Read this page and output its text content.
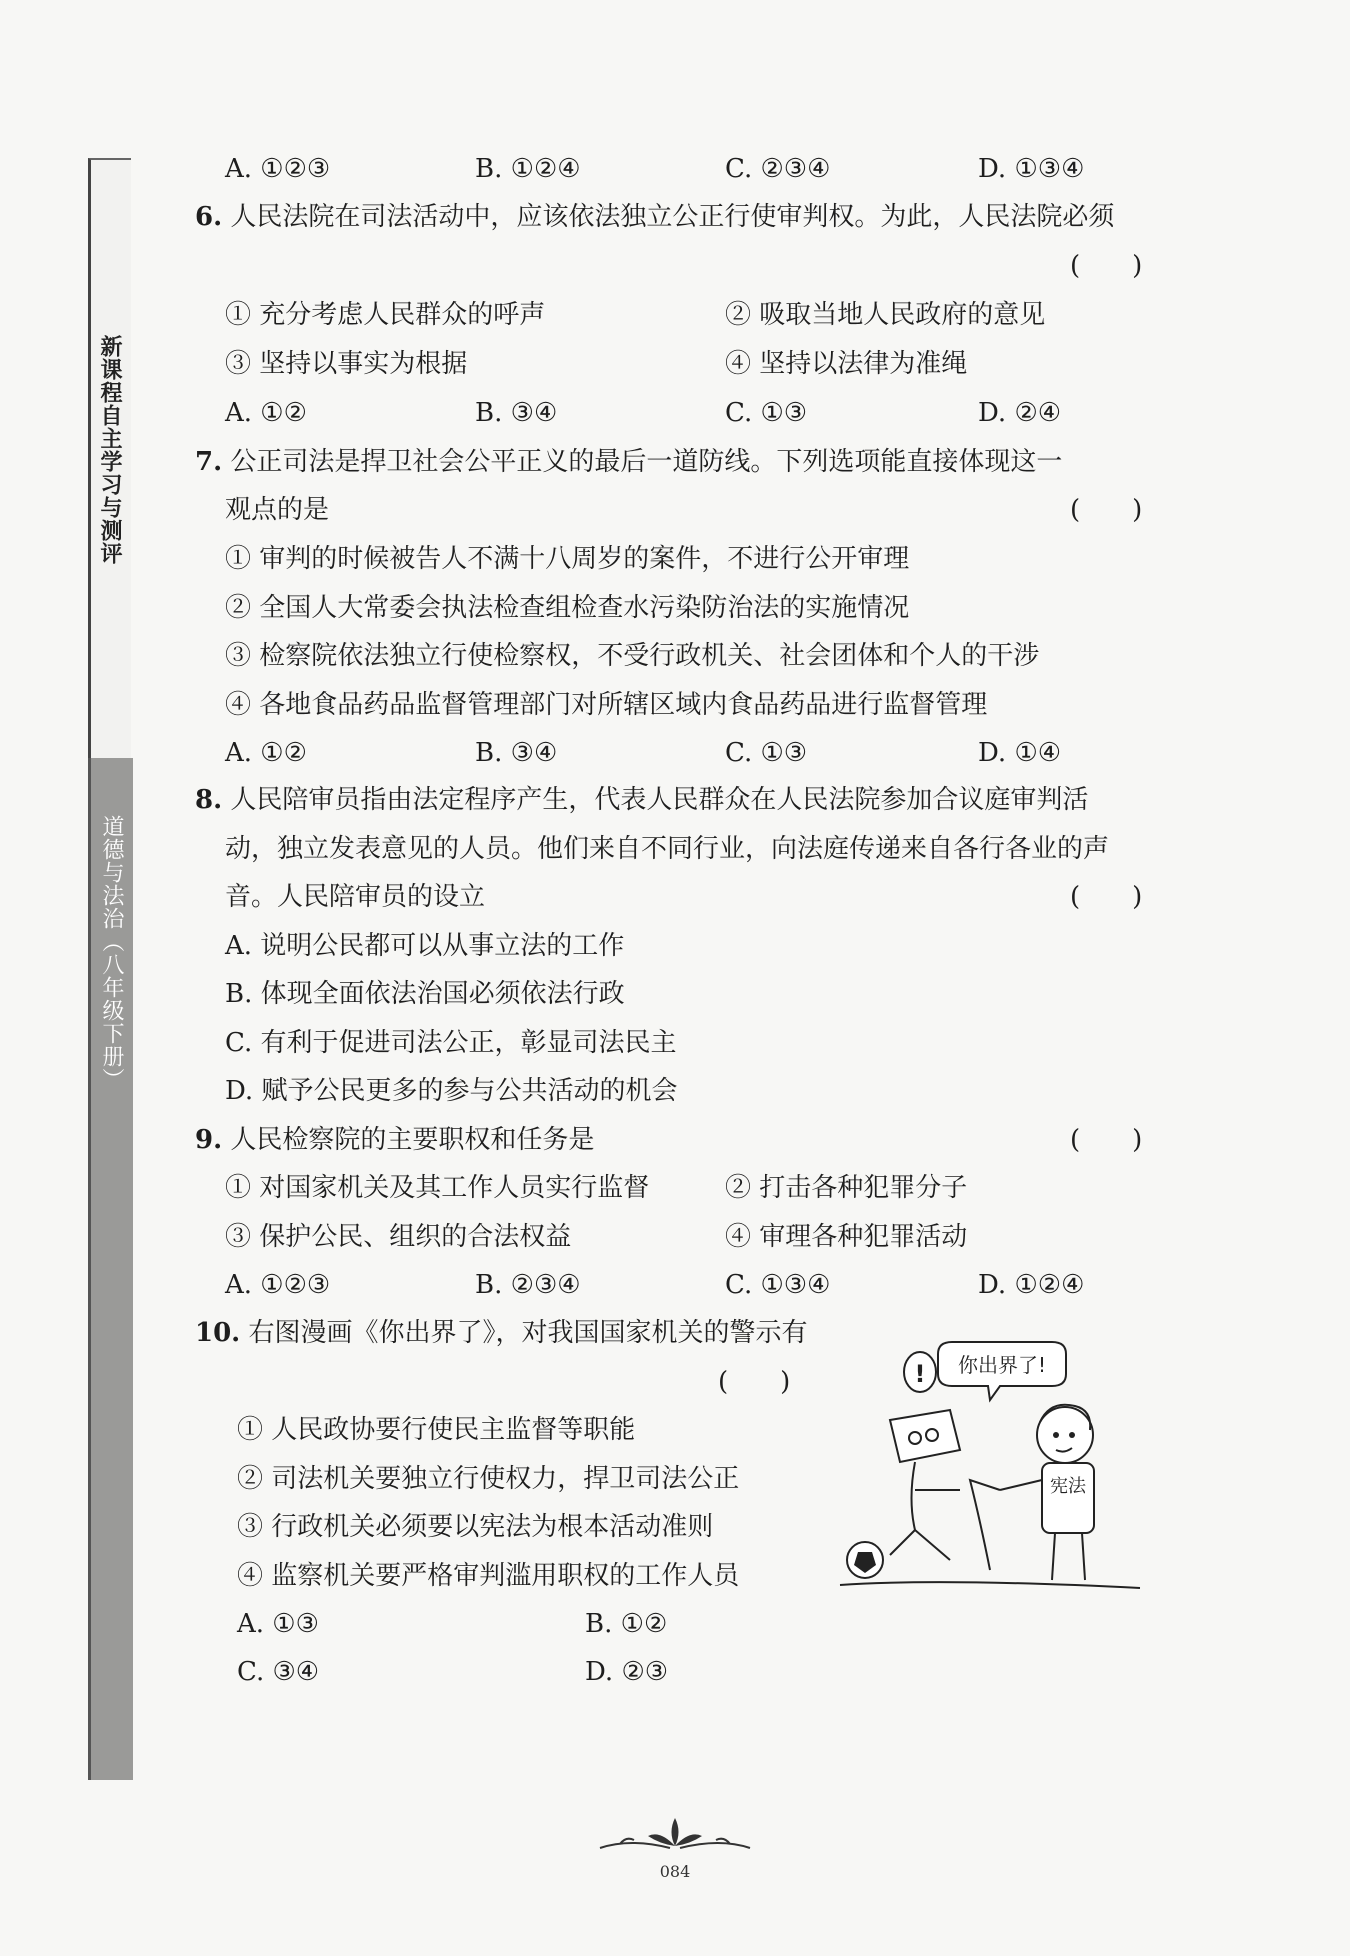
新课程自主学习与测评
道德与法治（八年级下册）
A. ①②③	B. ①②④	C. ②③④	D. ①③④
6. 人民法院在司法活动中，应该依法独立公正行使审判权。为此，人民法院必须
(　　)
① 充分考虑人民群众的呼声	② 吸取当地人民政府的意见
③ 坚持以事实为根据	④ 坚持以法律为准绳
A. ①②	B. ③④	C. ①③	D. ②④
7. 公正司法是捍卫社会公平正义的最后一道防线。下列选项能直接体现这一
观点的是	(　　)
① 审判的时候被告人不满十八周岁的案件，不进行公开审理
② 全国人大常委会执法检查组检查水污染防治法的实施情况
③ 检察院依法独立行使检察权，不受行政机关、社会团体和个人的干涉
④ 各地食品药品监督管理部门对所辖区域内食品药品进行监督管理
A. ①②	B. ③④	C. ①③	D. ①④
8. 人民陪审员指由法定程序产生，代表人民群众在人民法院参加合议庭审判活
动，独立发表意见的人员。他们来自不同行业，向法庭传递来自各行各业的声
音。人民陪审员的设立	(　　)
A. 说明公民都可以从事立法的工作
B. 体现全面依法治国必须依法行政
C. 有利于促进司法公正，彰显司法民主
D. 赋予公民更多的参与公共活动的机会
9. 人民检察院的主要职权和任务是	(　　)
① 对国家机关及其工作人员实行监督	② 打击各种犯罪分子
③ 保护公民、组织的合法权益	④ 审理各种犯罪活动
A. ①②③	B. ②③④	C. ①③④	D. ①②④
10. 右图漫画《你出界了》，对我国国家机关的警示有
(　　)
① 人民政协要行使民主监督等职能
② 司法机关要独立行使权力，捍卫司法公正
③ 行政机关必须要以宪法为根本活动准则
④ 监察机关要严格审判滥用职权的工作人员
A. ①③	B. ①②
C. ③④	D. ②③
你出界了!
!
宪法
084
